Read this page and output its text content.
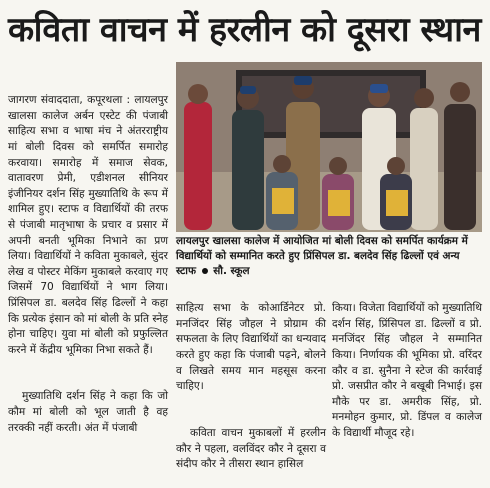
कविता वाचन में हरलीन को दूसरा स्थान

जागरण संवाददाता, कपूरथला : लायलपुर खालसा कालेज अर्बन एस्टेट की पंजाबी साहित्य सभा व भाषा मंच ने अंतरराष्ट्रीय मां बोली दिवस को समर्पित समारोह करवाया। समारोह में समाज सेवक, वातावरण प्रेमी, एडीशनल सीनियर इंजीनियर दर्शन सिंह मुख्यातिथि के रूप में शामिल हुए। स्टाफ व विद्यार्थियों की तरफ से पंजाबी मातृभाषा के प्रचार व प्रसार में अपनी बनती भूमिका निभाने का प्रण लिया। विद्यार्थियों ने कविता मुकाबले, सुंदर लेख व पोस्टर मेकिंग मुकाबले करवाए गए जिसमें 70 विद्यार्थियों ने भाग लिया। प्रिंसिपल डा. बलदेव सिंह ढिल्लों ने कहा कि प्रत्येक इंसान को मां बोली के प्रति स्नेह होना चाहिए। युवा मां बोली को प्रफुल्लित करने में केंद्रीय भूमिका निभा सकते हैं।

मुख्यातिथि दर्शन सिंह ने कहा कि जो कौम मां बोली को भूल जाती है वह तरक्की नहीं करती। अंत में पंजाबी

लायलपुर खालसा कालेज में आयोजित मां बोली दिवस को समर्पित कार्यक्रम में विद्यार्थियों को सम्मानित करते हुए प्रिंसिपल डा. बलदेव सिंह ढिल्लों एवं अन्य स्टाफ सौ. स्कूल

साहित्य सभा के कोआर्डिनेटर प्रो. मनजिंदर सिंह जौहल ने प्रोग्राम की सफलता के लिए विद्यार्थियों का धन्यवाद करते हुए कहा कि पंजाबी पढ़ने, बोलने व लिखते समय मान महसूस करना चाहिए।

कविता वाचन मुकाबलों में हरलीन कौर ने पहला, वलविंदर कौर ने दूसरा व संदीप कौर ने तीसरा स्थान हासिल

किया। विजेता विद्यार्थियों को मुख्यातिथि दर्शन सिंह, प्रिंसिपल डा. ढिल्लों व प्रो. मनजिंदर सिंह जौहल ने सम्मानित किया। निर्णायक की भूमिका प्रो. वरिंदर कौर व डा. सुनैना ने स्टेज की कार्रवाई प्रो. जसप्रीत कौर ने बखूबी निभाई। इस मौके पर डा. अमरीक सिंह, प्रो. मनमोहन कुमार, प्रो. डिंपल व कालेज के विद्यार्थी मौजूद रहे।
